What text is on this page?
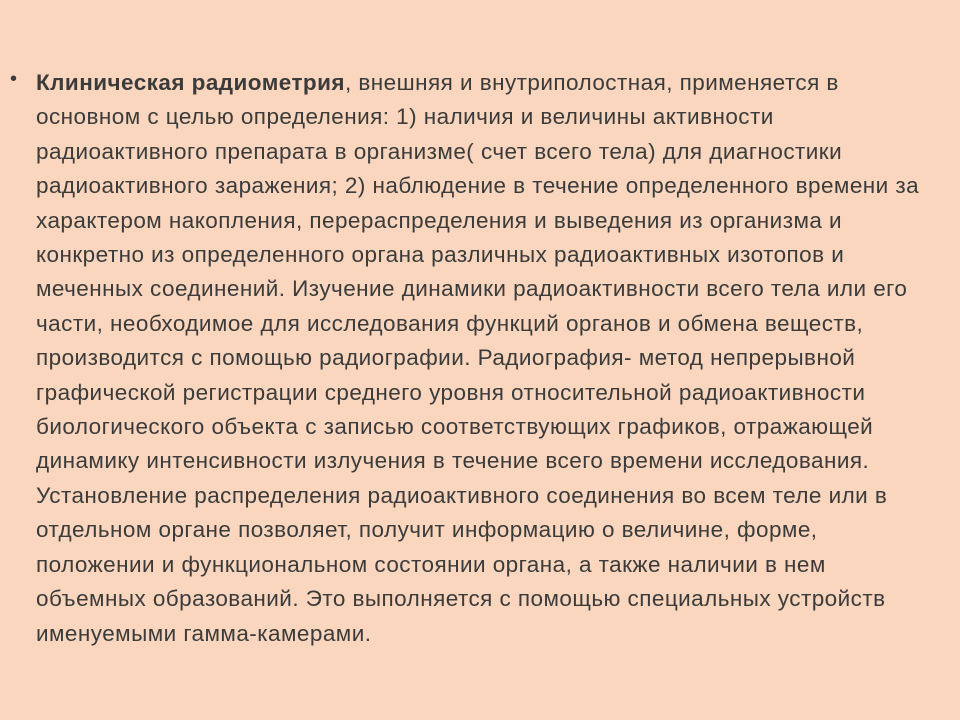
• Клиническая радиометрия, внешняя и внутриполостная, применяется в основном с целью определения: 1) наличия и величины активности радиоактивного препарата в организме( счет всего тела) для диагностики радиоактивного заражения; 2) наблюдение в течение определенного времени за характером накопления, перераспределения и выведения из организма и конкретно из определенного органа различных радиоактивных изотопов и меченных соединений. Изучение динамики радиоактивности всего тела или его части, необходимое для исследования функций органов и обмена веществ, производится с помощью радиографии. Радиография- метод непрерывной графической регистрации среднего уровня относительной радиоактивности биологического объекта с записью соответствующих графиков, отражающей динамику интенсивности излучения в течение всего времени исследования. Установление распределения радиоактивного соединения во всем теле или в отдельном органе позволяет, получит информацию о величине, форме, положении и функциональном состоянии органа, а также наличии в нем объемных образований. Это выполняется с помощью специальных устройств именуемыми гамма-камерами.
